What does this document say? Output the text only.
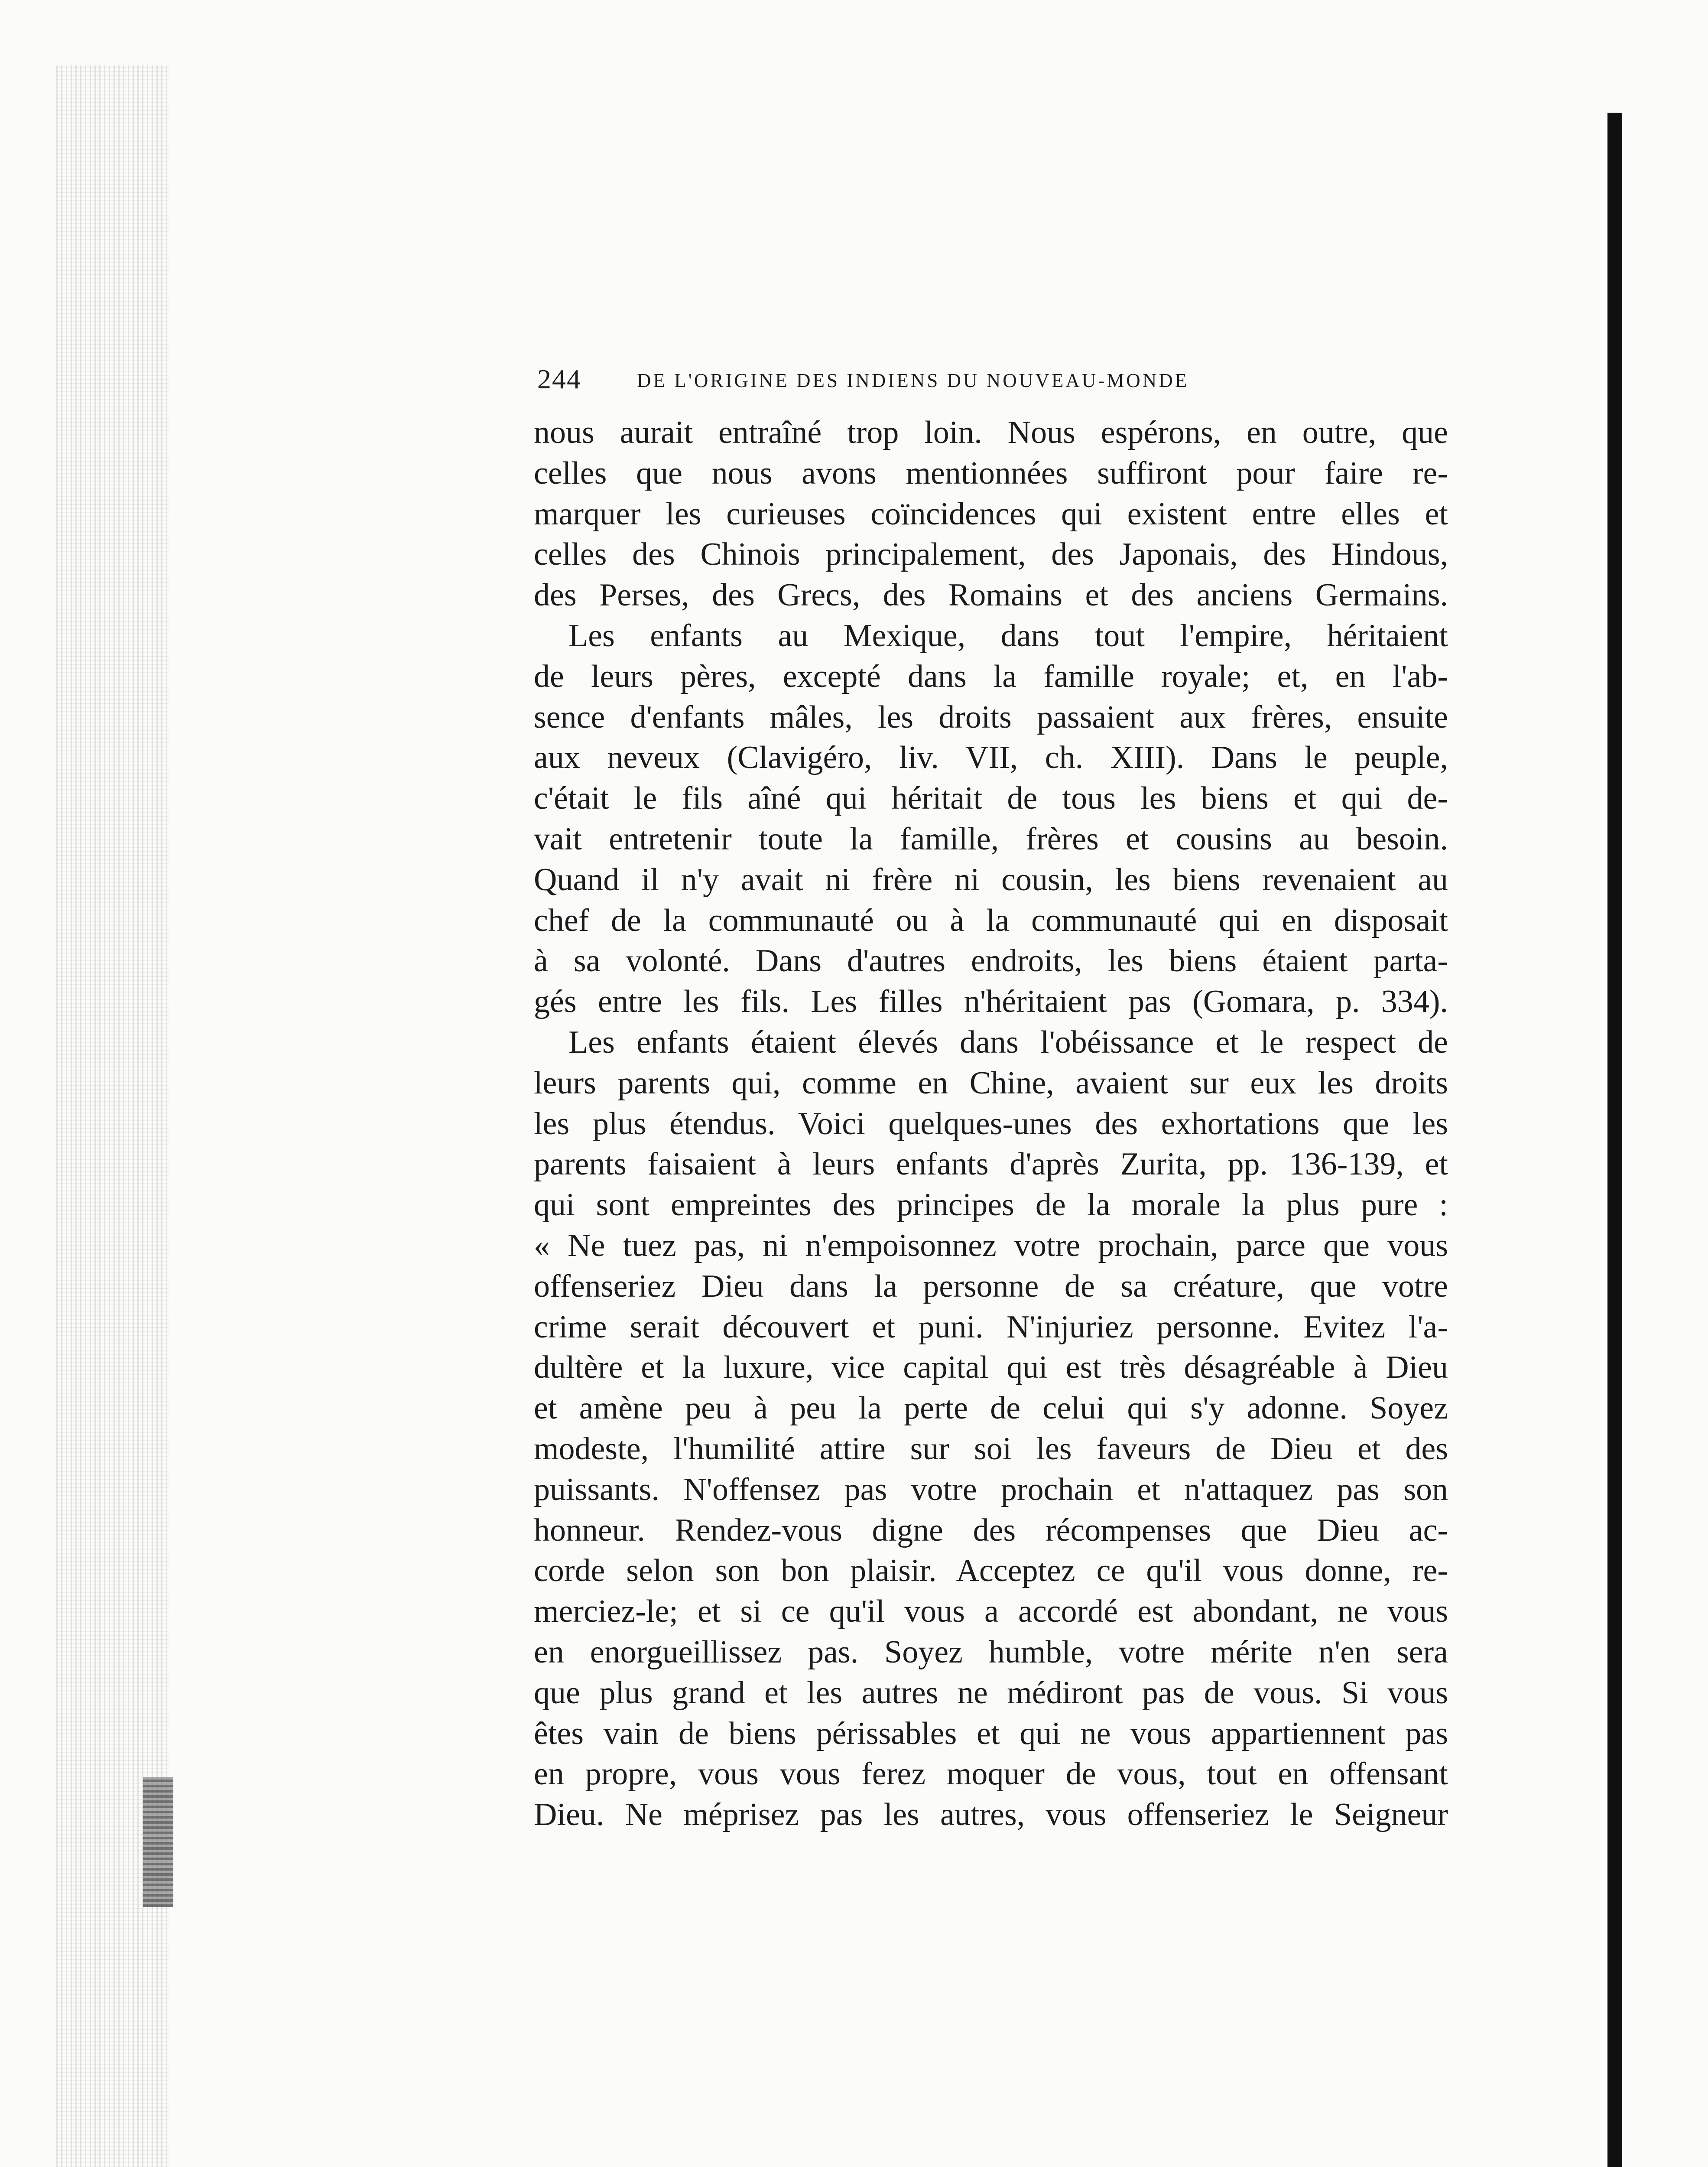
244	DE L'ORIGINE DES INDIENS DU NOUVEAU-MONDE
nous aurait entraîné trop loin. Nous espérons, en outre, que
celles que nous avons mentionnées suffiront pour faire re-
marquer les curieuses coïncidences qui existent entre elles et
celles des Chinois principalement, des Japonais, des Hindous,
des Perses, des Grecs, des Romains et des anciens Germains.
Les enfants au Mexique, dans tout l'empire, héritaient
de leurs pères, excepté dans la famille royale; et, en l'ab-
sence d'enfants mâles, les droits passaient aux frères, ensuite
aux neveux (Clavigéro, liv. VII, ch. XIII). Dans le peuple,
c'était le fils aîné qui héritait de tous les biens et qui de-
vait entretenir toute la famille, frères et cousins au besoin.
Quand il n'y avait ni frère ni cousin, les biens revenaient au
chef de la communauté ou à la communauté qui en disposait
à sa volonté. Dans d'autres endroits, les biens étaient parta-
gés entre les fils. Les filles n'héritaient pas (Gomara, p. 334).
Les enfants étaient élevés dans l'obéissance et le respect de
leurs parents qui, comme en Chine, avaient sur eux les droits
les plus étendus. Voici quelques-unes des exhortations que les
parents faisaient à leurs enfants d'après Zurita, pp. 136-139, et
qui sont empreintes des principes de la morale la plus pure :
« Ne tuez pas, ni n'empoisonnez votre prochain, parce que vous
offenseriez Dieu dans la personne de sa créature, que votre
crime serait découvert et puni. N'injuriez personne. Evitez l'a-
dultère et la luxure, vice capital qui est très désagréable à Dieu
et amène peu à peu la perte de celui qui s'y adonne. Soyez
modeste, l'humilité attire sur soi les faveurs de Dieu et des
puissants. N'offensez pas votre prochain et n'attaquez pas son
honneur. Rendez-vous digne des récompenses que Dieu ac-
corde selon son bon plaisir. Acceptez ce qu'il vous donne, re-
merciez-le; et si ce qu'il vous a accordé est abondant, ne vous
en enorgueillissez pas. Soyez humble, votre mérite n'en sera
que plus grand et les autres ne médiront pas de vous. Si vous
êtes vain de biens périssables et qui ne vous appartiennent pas
en propre, vous vous ferez moquer de vous, tout en offensant
Dieu. Ne méprisez pas les autres, vous offenseriez le Seigneur
